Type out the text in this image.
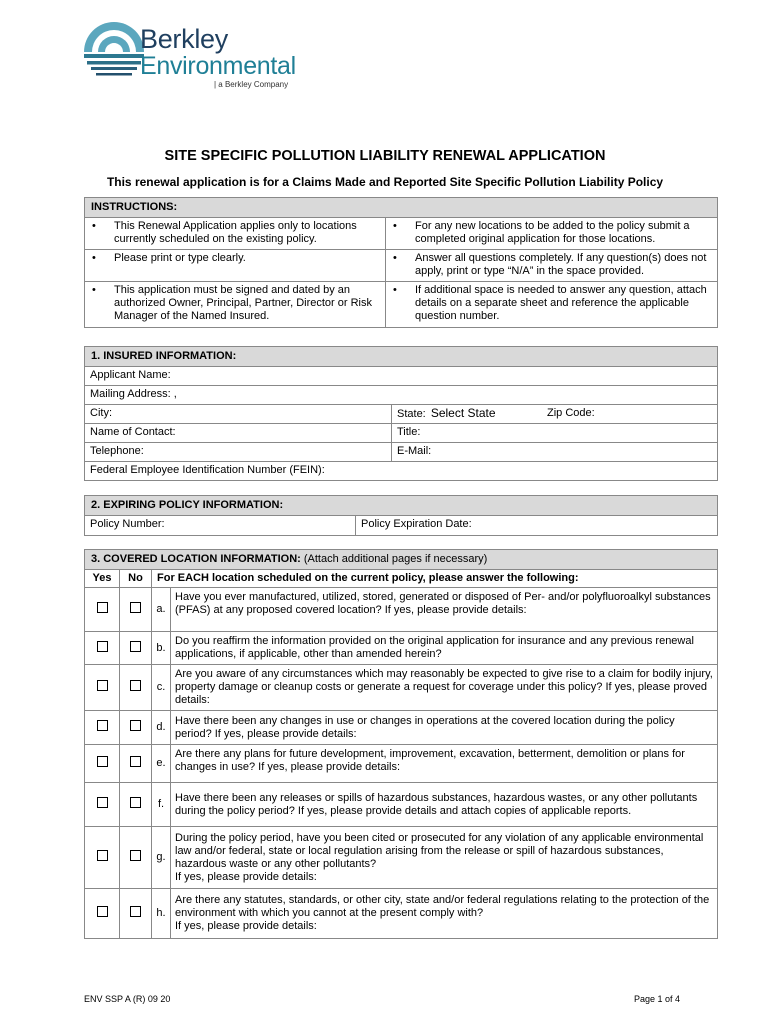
Berkley
Environmental
| a Berkley Company
SITE SPECIFIC POLLUTION LIABILITY RENEWAL APPLICATION
This renewal application is for a Claims Made and Reported Site Specific Pollution Liability Policy
INSTRUCTIONS:	

• This Renewal Application applies only to locations currently scheduled on the existing policy.	• For any new locations to be added to the policy submit a completed original application for those locations.

• Please print or type clearly.	• Answer all questions completely. If any question(s) does not apply, print or type “N/A” in the space provided.

• This application must be signed and dated by an authorized Owner, Principal, Partner, Director or Risk Manager of the Named Insured.	• If additional space is needed to answer any question, attach details on a separate sheet and reference the applicable question number.
1. INSURED INFORMATION:		
Applicant Name:		
Mailing Address: ,		
City:	State: Select State	Zip Code:
Name of Contact:	Title:	
Telephone:	E-Mail:	
Federal Employee Identification Number (FEIN):		
2. EXPIRING POLICY INFORMATION:
Policy Number:	Policy Expiration Date:
3. COVERED LOCATION INFORMATION: (Attach additional pages if necessary)			
Yes	No	For EACH location scheduled on the current policy, please answer the following:	
		a.	Have you ever manufactured, utilized, stored, generated or disposed of Per- and/or polyfluoroalkyl substances (PFAS) at any proposed covered location? If yes, please provide details:
		b.	Do you reaffirm the information provided on the original application for insurance and any previous renewal applications, if applicable, other than amended herein?
		c.	Are you aware of any circumstances which may reasonably be expected to give rise to a claim for bodily injury, property damage or cleanup costs or generate a request for coverage under this policy? If yes, please proved details:
		d.	Have there been any changes in use or changes in operations at the covered location during the policy period? If yes, please provide details:
		e.	Are there any plans for future development, improvement, excavation, betterment, demolition or plans for changes in use? If yes, please provide details:
		f.	Have there been any releases or spills of hazardous substances, hazardous wastes, or any other pollutants during the policy period? If yes, please provide details and attach copies of applicable reports.
		g.	During the policy period, have you been cited or prosecuted for any violation of any applicable environmental law and/or federal, state or local regulation arising from the release or spill of hazardous substances, hazardous waste or any other pollutants?
If yes, please provide details:

		h.	Are there any statutes, standards, or other city, state and/or federal regulations relating to the protection of the environment with which you cannot at the present comply with?
If yes, please provide details:
ENV SSP A (R) 09 20	Page 1 of 4
